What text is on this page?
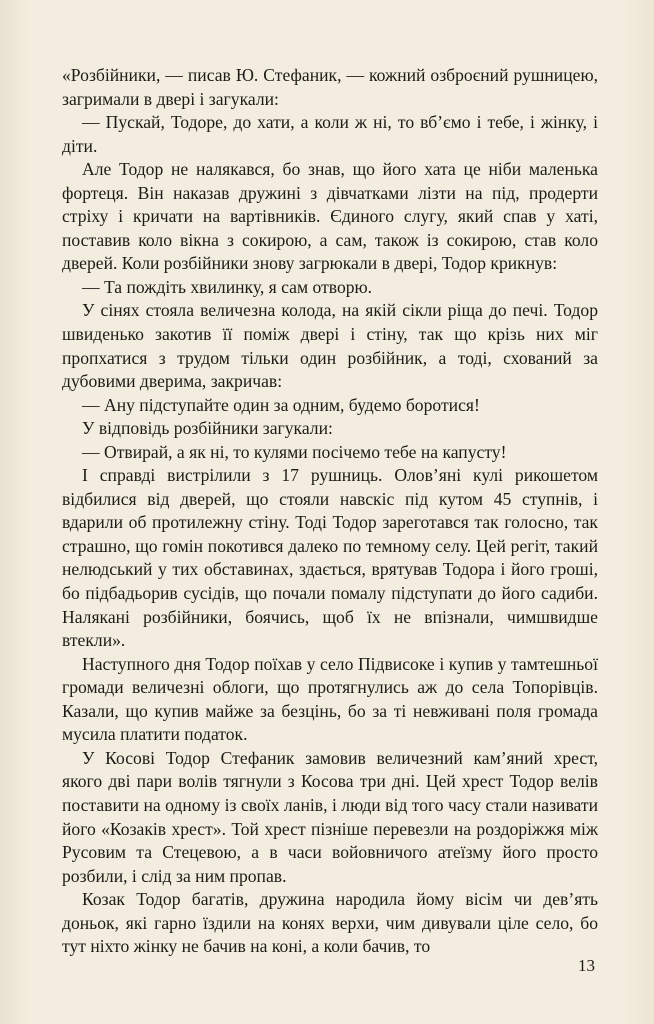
«Розбійники, — писав Ю. Стефаник, — кожний озброєний рушницею, загримали в двері і загукали:

— Пускай, Тодоре, до хати, а коли ж ні, то вб’ємо і тебе, і жінку, і діти.

Але Тодор не налякався, бо знав, що його хата це ніби маленька фортеця. Він наказав дружині з дівчатками лізти на під, продерти стріху і кричати на вартівників. Єдиного слугу, який спав у хаті, поставив коло вікна з сокирою, а сам, також із сокирою, став коло дверей. Коли розбійники знову загрюкали в двері, Тодор крикнув:

— Та пождіть хвилинку, я сам отворю.

У сінях стояла величезна колода, на якій сікли ріща до печі. Тодор швиденько закотив її поміж двері і стіну, так що крізь них міг пропхатися з трудом тільки один розбійник, а тоді, схований за дубовими дверима, закричав:

— Ану підступайте один за одним, будемо боротися!

У відповідь розбійники загукали:

— Отвирай, а як ні, то кулями посічемо тебе на капусту!

І справді вистрілили з 17 рушниць. Олов’яні кулі рикошетом відбилися від дверей, що стояли навскіс під кутом 45 ступнів, і вдарили об протилежну стіну. Тоді Тодор зареготався так голосно, так страшно, що гомін покотився далеко по темному селу. Цей регіт, такий нелюдський у тих обставинах, здається, врятував Тодора і його гроші, бо підбадьорив сусідів, що почали помалу підступати до його садиби. Налякані розбійники, боячись, щоб їх не впізнали, чимшвидше втекли».

Наступного дня Тодор поїхав у село Підвисоке і купив у тамтешньої громади величезні облоги, що протягнулись аж до села Топорівців. Казали, що купив майже за безцінь, бо за ті невживані поля громада мусила платити податок.

У Косові Тодор Стефаник замовив величезний кам’яний хрест, якого дві пари волів тягнули з Косова три дні. Цей хрест Тодор велів поставити на одному із своїх ланів, і люди від того часу стали називати його «Козаків хрест». Той хрест пізніше перевезли на роздоріжжя між Русовим та Стецевою, а в часи войовничого атеїзму його просто розбили, і слід за ним пропав.

Козак Тодор багатів, дружина народила йому вісім чи дев’ять доньок, які гарно їздили на конях верхи, чим дивували ціле село, бо тут ніхто жінку не бачив на коні, а коли бачив, то

13
